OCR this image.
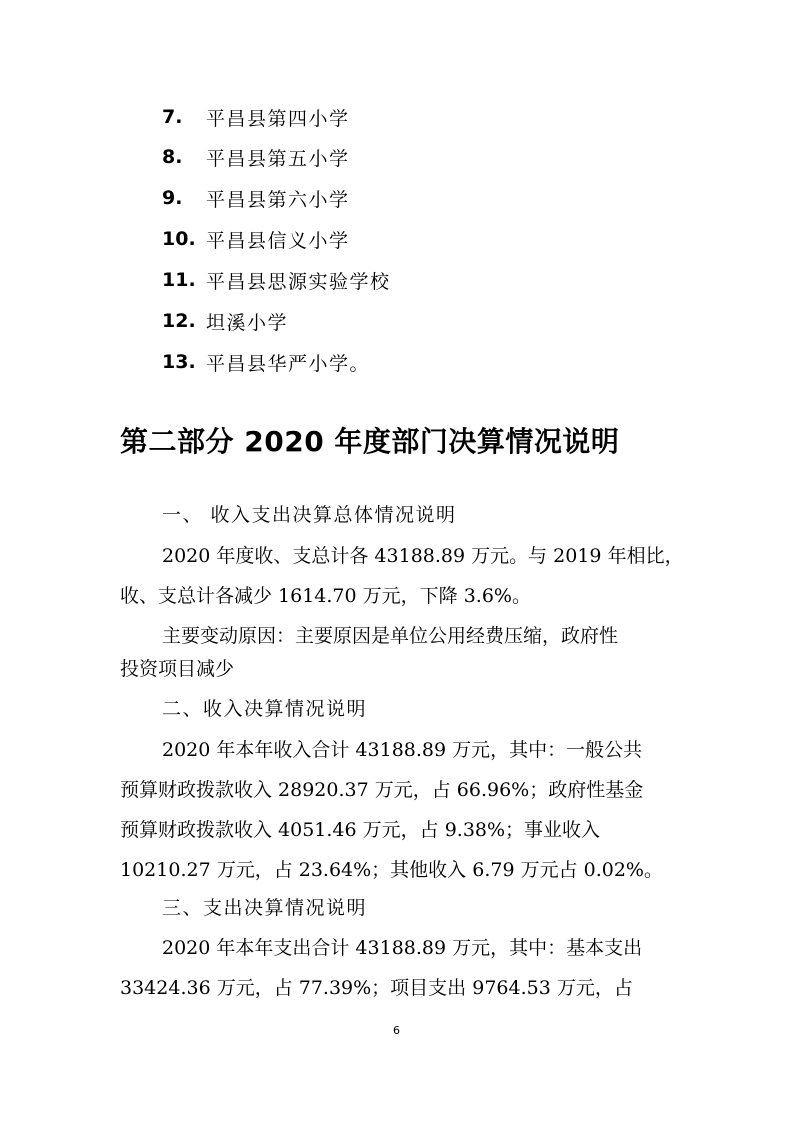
7.	平昌县第四小学
8.	平昌县第五小学
9.	平昌县第六小学
10. 平昌县信义小学
11. 平昌县思源实验学校
12. 坦溪小学
13. 平昌县华严小学。
第二部分 2020 年度部门决算情况说明
一、 收入支出决算总体情况说明
2020 年度收、支总计各 43188.89 万元。与 2019 年相比，
收、支总计各减少 1614.70 万元，下降 3.6%。
主要变动原因：主要原因是单位公用经费压缩，政府性
投资项目减少
二、收入决算情况说明
2020 年本年收入合计 43188.89 万元，其中：一般公共
预算财政拨款收入 28920.37 万元，占 66.96%；政府性基金
预算财政拨款收入 4051.46 万元，占 9.38%；事业收入
10210.27 万元，占 23.64%；其他收入 6.79 万元占 0.02%。
三、支出决算情况说明
2020 年本年支出合计 43188.89 万元，其中：基本支出
33424.36 万元，占 77.39%；项目支出 9764.53 万元，占
6
